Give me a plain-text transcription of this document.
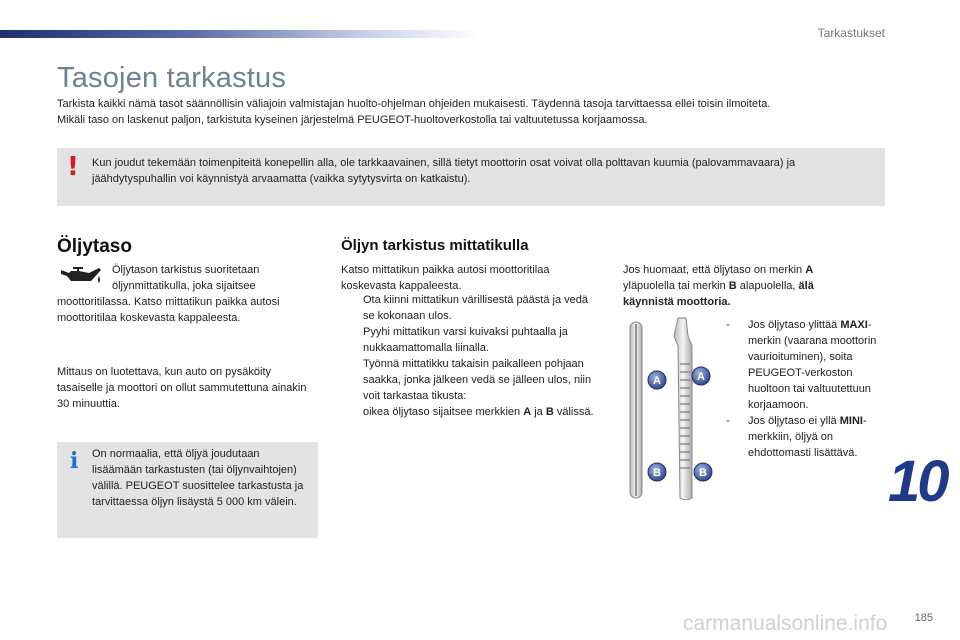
Tarkastukset
Tasojen tarkastus
Tarkista kaikki nämä tasot säännöllisin väliajoin valmistajan huolto-ohjelman ohjeiden mukaisesti. Täydennä tasoja tarvittaessa ellei toisin ilmoiteta.
Mikäli taso on laskenut paljon, tarkistuta kyseinen järjestelmä PEUGEOT-huoltoverkostolla tai valtuutetussa korjaamossa.
! Kun joudut tekemään toimenpiteitä konepellin alla, ole tarkkaavainen, sillä tietyt moottorin osat voivat olla polttavan kuumia (palovammavaara) ja jäähdytyspuhallin voi käynnistyä arvaamatta (vaikka sytytysvirta on katkaistu).
Öljytaso
Öljytason tarkistus suoritetaan öljynmittatikulla, joka sijaitsee
moottoritilassa. Katso mittatikun paikka autosi moottoritilaa koskevasta kappaleesta.
Mittaus on luotettava, kun auto on pysäköity tasaiselle ja moottori on ollut sammutettuna ainakin 30 minuuttia.
i On normaalia, että öljyä joudutaan lisäämään tarkastusten (tai öljynvaihtojen) välillä. PEUGEOT suosittelee tarkastusta ja tarvittaessa öljyn lisäystä 5 000 km välein.
Öljyn tarkistus mittatikulla
Katso mittatikun paikka autosi moottoritilaa koskevasta kappaleesta.
Ota kiinni mittatikun värillisestä päästä ja vedä se kokonaan ulos.
Pyyhi mittatikun varsi kuivaksi puhtaalla ja nukkaamattomalla liinalla.
Työnnä mittatikku takaisin paikalleen pohjaan saakka, jonka jälkeen vedä se jälleen ulos, niin voit tarkastaa tikusta:
oikea öljytaso sijaitsee merkkien A ja B välissä.
Jos huomaat, että öljytaso on merkin A yläpuolella tai merkin B alapuolella, älä käynnistä moottoria.
A	A
B	B
- Jos öljytaso ylittää MAXI-merkin (vaarana moottorin vaurioituminen), soita PEUGEOT-verkoston huoltoon tai valtuutettuun korjaamoon.
- Jos öljytaso ei yllä MINI-merkkiin, öljyä on ehdottomasti lisättävä. 10
carmanualsonline.info 185
